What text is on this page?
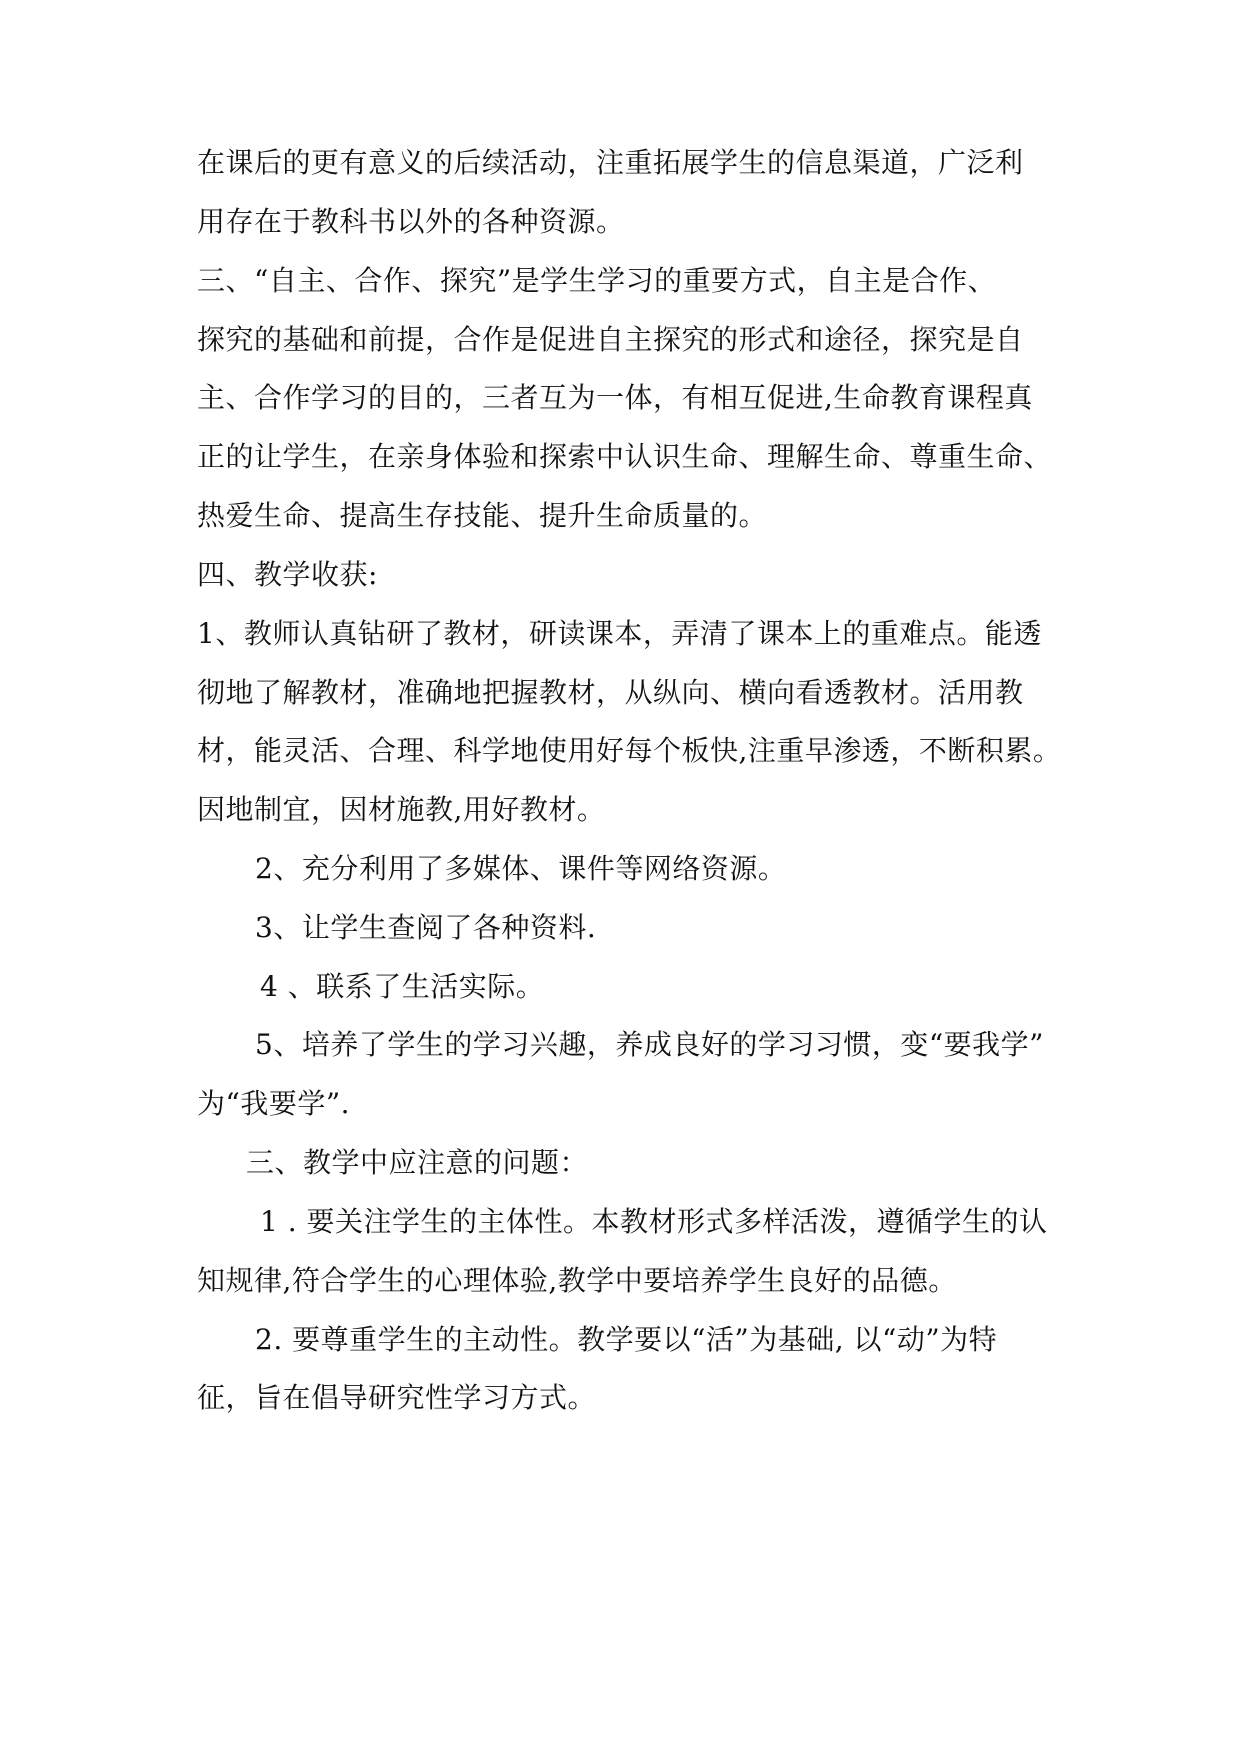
在课后的更有意义的后续活动，注重拓展学生的信息渠道，广泛利
用存在于教科书以外的各种资源。
三、“自主、合作、探究”是学生学习的重要方式，自主是合作、
探究的基础和前提，合作是促进自主探究的形式和途径，探究是自
主、合作学习的目的，三者互为一体，有相互促进,生命教育课程真
正的让学生，在亲身体验和探索中认识生命、理解生命、尊重生命、
热爱生命、提高生存技能、提升生命质量的。
四、教学收获:
1、教师认真钻研了教材，研读课本，弄清了课本上的重难点。能透
彻地了解教材，准确地把握教材，从纵向、横向看透教材。活用教
材，能灵活、合理、科学地使用好每个板快,注重早渗透，不断积累。
因地制宜，因材施教,用好教材。
2、充分利用了多媒体、课件等网络资源。
3、让学生查阅了各种资料.
4 、联系了生活实际。
5、培养了学生的学习兴趣，养成良好的学习习惯，变“要我学”
为“我要学”.
三、教学中应注意的问题：
1 . 要关注学生的主体性。本教材形式多样活泼，遵循学生的认
知规律,符合学生的心理体验,教学中要培养学生良好的品德。
2. 要尊重学生的主动性。教学要以“活”为基础, 以“动”为特
征，旨在倡导研究性学习方式。
